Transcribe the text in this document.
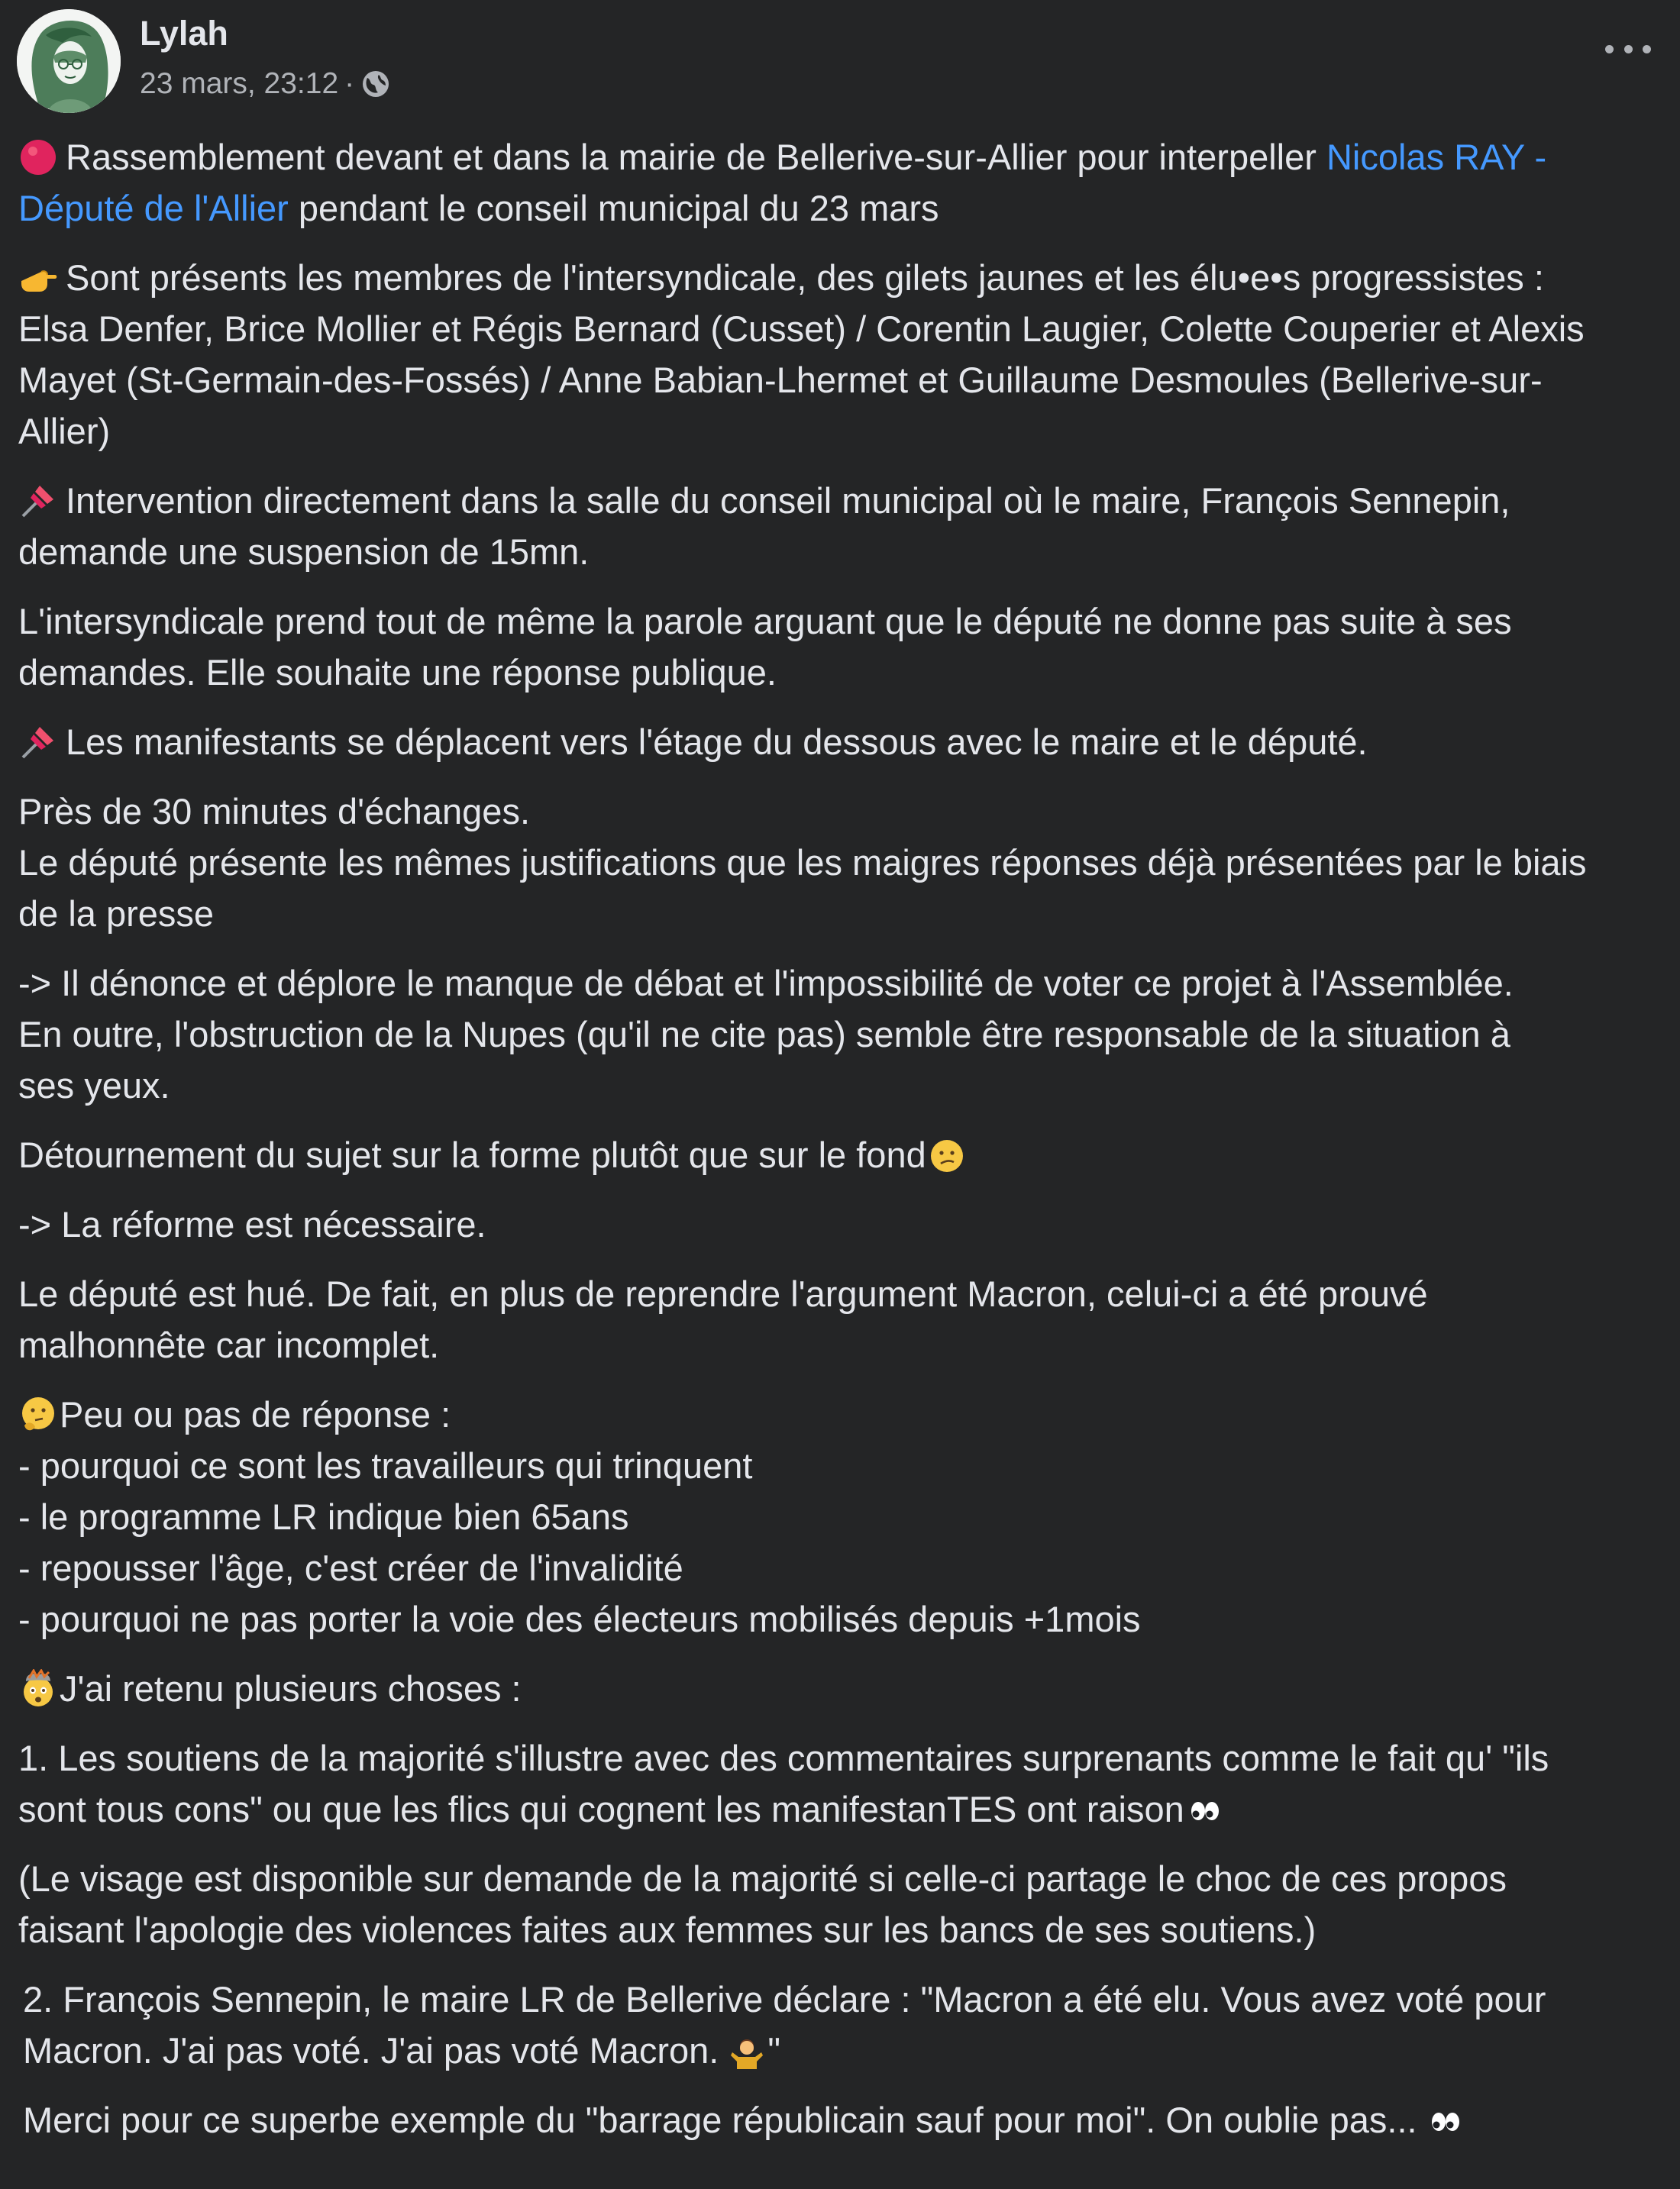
Lylah
23 mars, 23:12 ·

Rassemblement devant et dans la mairie de Bellerive-sur-Allier pour interpeller Nicolas RAY -
Député de l'Allier pendant le conseil municipal du 23 mars

Sont présents les membres de l'intersyndicale, des gilets jaunes et les élu•e•s progressistes :
Elsa Denfer, Brice Mollier et Régis Bernard (Cusset) / Corentin Laugier, Colette Couperier et Alexis
Mayet (St-Germain-des-Fossés) / Anne Babian-Lhermet et Guillaume Desmoules (Bellerive-sur-
Allier)

Intervention directement dans la salle du conseil municipal où le maire, François Sennepin,
demande une suspension de 15mn.

L'intersyndicale prend tout de même la parole arguant que le député ne donne pas suite à ses
demandes. Elle souhaite une réponse publique.

Les manifestants se déplacent vers l'étage du dessous avec le maire et le député.

Près de 30 minutes d'échanges.
Le député présente les mêmes justifications que les maigres réponses déjà présentées par le biais
de la presse

-> Il dénonce et déplore le manque de débat et l'impossibilité de voter ce projet à l'Assemblée.
En outre, l'obstruction de la Nupes (qu'il ne cite pas) semble être responsable de la situation à
ses yeux.

Détournement du sujet sur la forme plutôt que sur le fond

-> La réforme est nécessaire.

Le député est hué. De fait, en plus de reprendre l'argument Macron, celui-ci a été prouvé
malhonnête car incomplet.

Peu ou pas de réponse :
- pourquoi ce sont les travailleurs qui trinquent
- le programme LR indique bien 65ans
- repousser l'âge, c'est créer de l'invalidité
- pourquoi ne pas porter la voie des électeurs mobilisés depuis +1mois

J'ai retenu plusieurs choses :

1. Les soutiens de la majorité s'illustre avec des commentaires surprenants comme le fait qu' "ils
sont tous cons" ou que les flics qui cognent les manifestanTES ont raison

(Le visage est disponible sur demande de la majorité si celle-ci partage le choc de ces propos
faisant l'apologie des violences faites aux femmes sur les bancs de ses soutiens.)

2. François Sennepin, le maire LR de Bellerive déclare : "Macron a été elu. Vous avez voté pour
Macron. J'ai pas voté. J'ai pas voté Macron. "

Merci pour ce superbe exemple du "barrage républicain sauf pour moi". On oublie pas...
